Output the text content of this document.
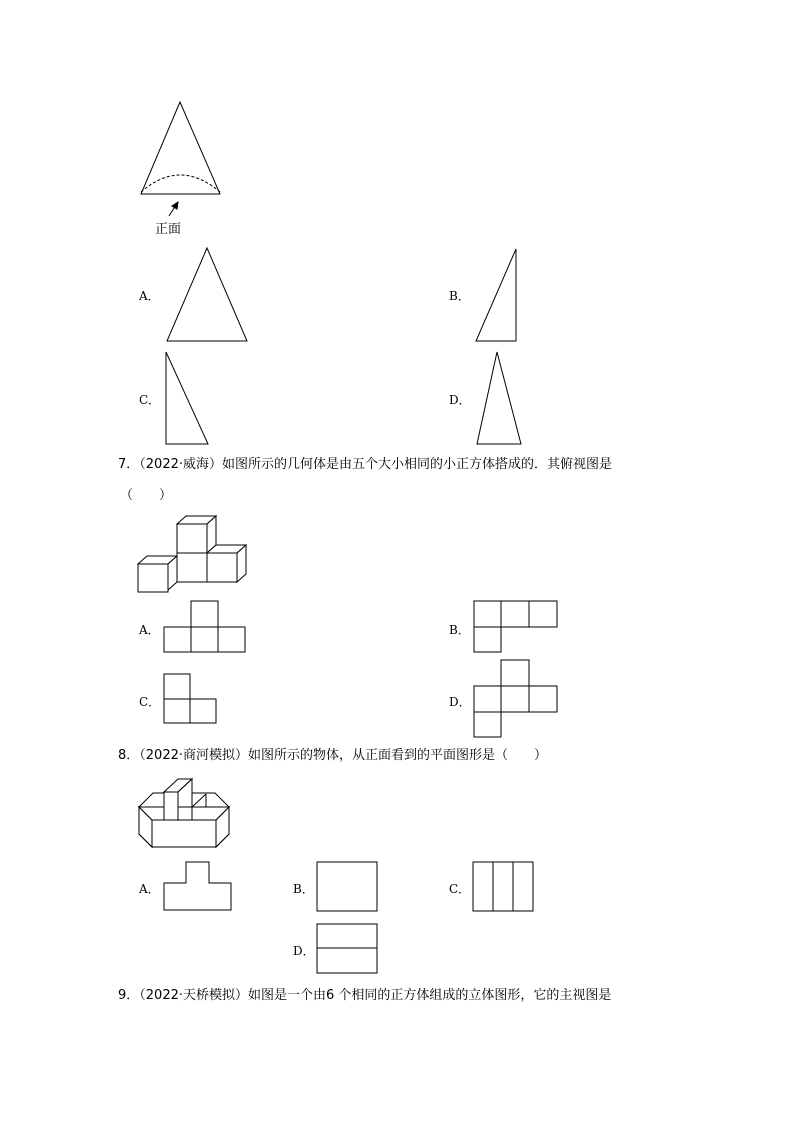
正面
A．	B．
C．	D．
7．（2022·威海）如图所示的几何体是由五个大小相同的小正方体搭成的．其俯视图是
（　　）
A．	B．
C．	D．
8．（2022·商河模拟）如图所示的物体，从正面看到的平面图形是（　　）
A．	B．	C．
D．
9．（2022·天桥模拟）如图是一个由6 个相同的正方体组成的立体图形，它的主视图是
